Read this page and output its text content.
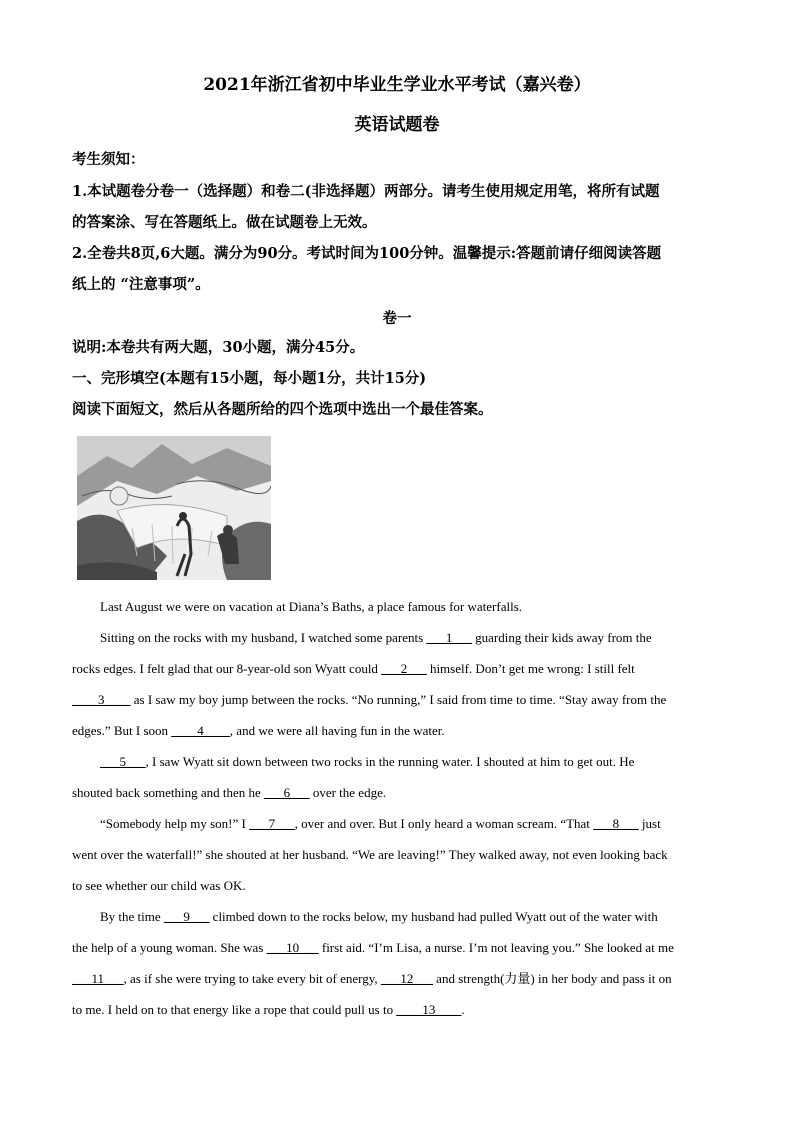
2021年浙江省初中毕业生学业水平考试（嘉兴卷）
英语试题卷
考生须知：
1.本试题卷分卷一（选择题）和卷二(非选择题）两部分。请考生使用规定用笔，将所有试题
的答案涂、写在答题纸上。做在试题卷上无效。
2.全卷共8页,6大题。满分为90分。考试时间为100分钟。温馨提示:答题前请仔细阅读答题
纸上的 “注意事项”。
卷一
说明:本卷共有两大题，30小题，满分45分。
一、完形填空(本题有15小题，每小题1分，共计15分)
阅读下面短文，然后从各题所给的四个选项中选出一个最佳答案。
Last August we were on vacation at Diana’s Baths, a place famous for waterfalls.
Sitting on the rocks with my husband, I watched some parents ___1___ guarding their kids away from the
rocks edges. I felt glad that our 8-year-old son Wyatt could ___2___ himself. Don’t get me wrong: I still felt
____3____ as I saw my boy jump between the rocks. “No running,” I said from time to time. “Stay away from the
edges.” But I soon ____4____, and we were all having fun in the water.
___5___, I saw Wyatt sit down between two rocks in the running water. I shouted at him to get out. He
shouted back something and then he ___6___ over the edge.
“Somebody help my son!” I ___7___, over and over. But I only heard a woman scream. “That ___8___ just
went over the waterfall!” she shouted at her husband. “We are leaving!” They walked away, not even looking back
to see whether our child was OK.
By the time ___9___ climbed down to the rocks below, my husband had pulled Wyatt out of the water with
the help of a young woman. She was ___10___ first aid. “I’m Lisa, a nurse. I’m not leaving you.” She looked at me
___11___, as if she were trying to take every bit of energy, ___12___ and strength(力量) in her body and pass it on
to me. I held on to that energy like a rope that could pull us to ____13____.
